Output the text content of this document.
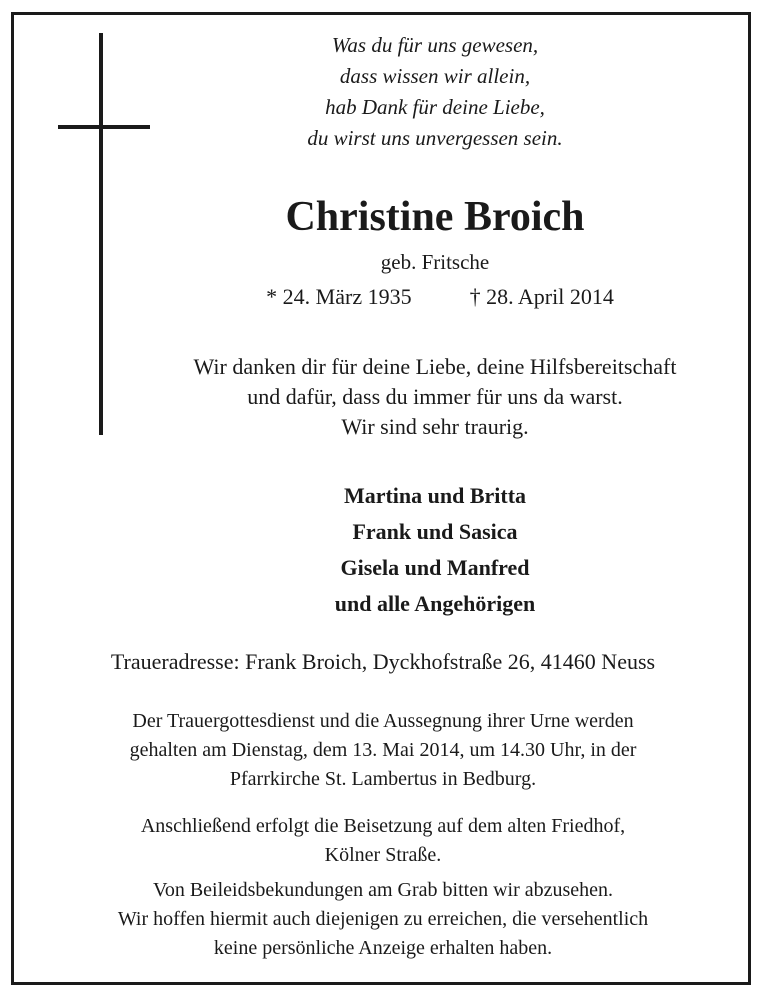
Was du für uns gewesen,
dass wissen wir allein,
hab Dank für deine Liebe,
du wirst uns unvergessen sein.
Christine Broich
geb. Fritsche
* 24. März 1935	† 28. April 2014
Wir danken dir für deine Liebe, deine Hilfsbereitschaft
und dafür, dass du immer für uns da warst.
Wir sind sehr traurig.
Martina und Britta
Frank und Sasica
Gisela und Manfred
und alle Angehörigen
Traueradresse: Frank Broich, Dyckhofstraße 26, 41460 Neuss
Der Trauergottesdienst und die Aussegnung ihrer Urne werden
gehalten am Dienstag, dem 13. Mai 2014, um 14.30 Uhr, in der
Pfarrkirche St. Lambertus in Bedburg.
Anschließend erfolgt die Beisetzung auf dem alten Friedhof,
Kölner Straße.
Von Beileidsbekundungen am Grab bitten wir abzusehen.
Wir hoffen hiermit auch diejenigen zu erreichen, die versehentlich
keine persönliche Anzeige erhalten haben.
